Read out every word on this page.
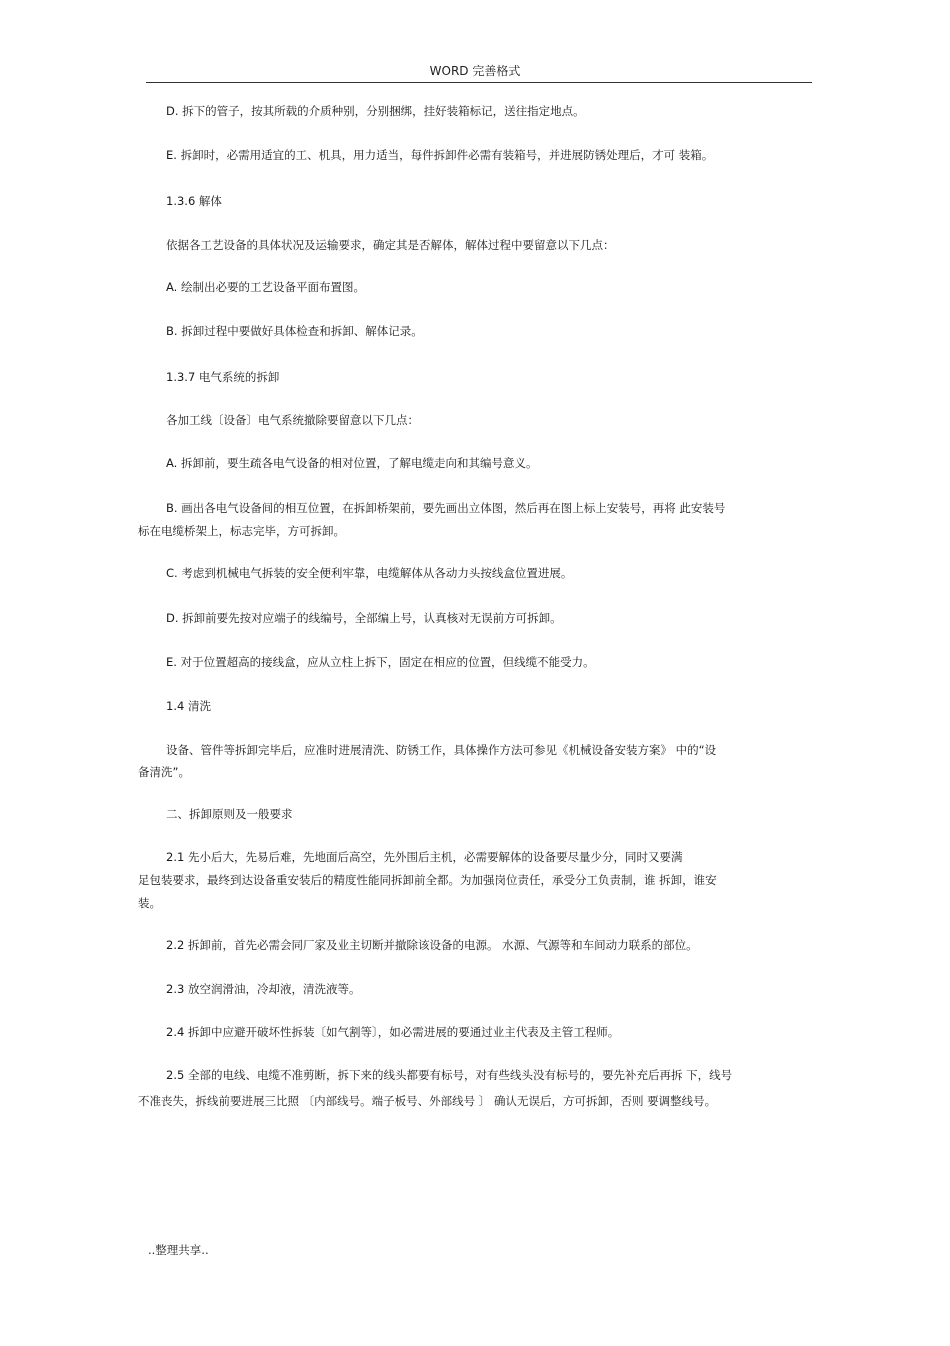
WORD 完善格式
D. 拆下的管子，按其所载的介质种别，分别捆绑，挂好装箱标记，送往指定地点。
E. 拆卸时，必需用适宜的工、机具，用力适当，每件拆卸件必需有装箱号，并进展防锈处理后，才可 装箱。
1.3.6 解体
依据各工艺设备的具体状况及运输要求，确定其是否解体，解体过程中要留意以下几点：
A. 绘制出必要的工艺设备平面布置图。
B. 拆卸过程中要做好具体检查和拆卸、解体记录。
1.3.7 电气系统的拆卸
各加工线〔设备〕电气系统撤除要留意以下几点：
A. 拆卸前，要生疏各电气设备的相对位置，了解电缆走向和其编号意义。
B. 画出各电气设备间的相互位置，在拆卸桥架前，要先画出立体图，然后再在图上标上安装号，再将 此安装号
标在电缆桥架上，标志完毕，方可拆卸。
C. 考虑到机械电气拆装的安全便利牢靠，电缆解体从各动力头按线盒位置进展。
D. 拆卸前要先按对应端子的线编号，全部编上号，认真核对无误前方可拆卸。
E. 对于位置超高的接线盒，应从立柱上拆下，固定在相应的位置，但线缆不能受力。
1.4 清洗
设备、管件等拆卸完毕后，应准时进展清洗、防锈工作，具体操作方法可参见《机械设备安装方案》 中的“设
备清洗”。
二、拆卸原则及一般要求
2.1 先小后大，先易后难，先地面后高空，先外围后主机，必需要解体的设备要尽量少分，同时又要满
足包装要求，最终到达设备重安装后的精度性能同拆卸前全都。为加强岗位责任，承受分工负责制，谁 拆卸，谁安
装。
2.2 拆卸前，首先必需会同厂家及业主切断并撤除该设备的电源。 水源、气源等和车间动力联系的部位。
2.3 放空润滑油，冷却液，清洗液等。
2.4 拆卸中应避开破坏性拆装〔如气割等〕，如必需进展的要通过业主代表及主管工程师。
2.5 全部的电线、电缆不准剪断，拆下来的线头都要有标号，对有些线头没有标号的，要先补充后再拆 下，线号
不准丧失，拆线前要进展三比照 〔内部线号。端子板号、外部线号 〕 确认无误后，方可拆卸，否则 要调整线号。
..整理共享..
